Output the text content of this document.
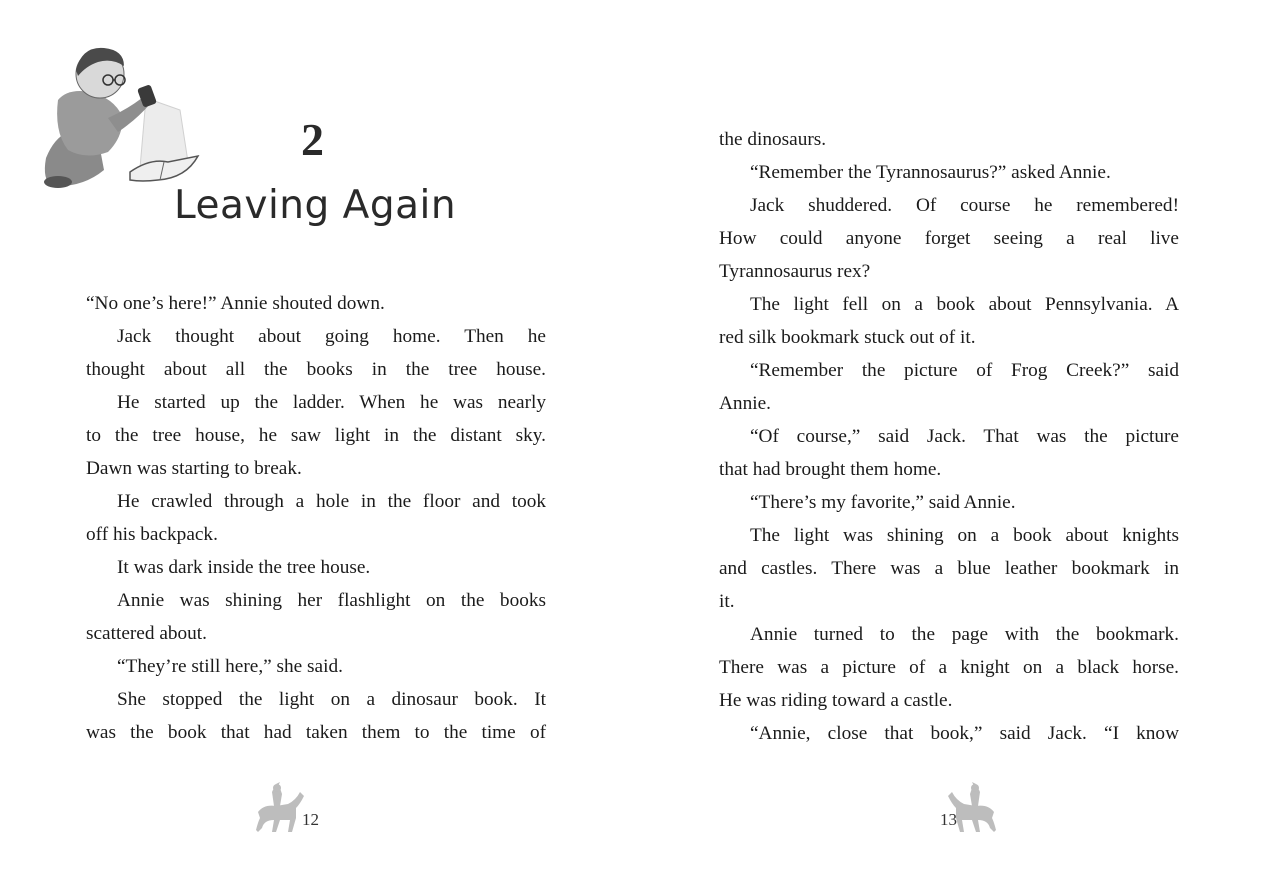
2
Leaving Again
“No one’s here!” Annie shouted down.
Jack thought about going home. Then he
thought about all the books in the tree house.
He started up the ladder. When he was nearly
to the tree house, he saw light in the distant sky.
Dawn was starting to break.
He crawled through a hole in the floor and took
off his backpack.
It was dark inside the tree house.
Annie was shining her flashlight on the books
scattered about.
“They’re still here,” she said.
She stopped the light on a dinosaur book. It
was the book that had taken them to the time of
12
the dinosaurs.
“Remember the Tyrannosaurus?” asked Annie.
Jack shuddered. Of course he remembered!
How could anyone forget seeing a real live
Tyrannosaurus rex?
The light fell on a book about Pennsylvania. A
red silk bookmark stuck out of it.
“Remember the picture of Frog Creek?” said
Annie.
“Of course,” said Jack. That was the picture
that had brought them home.
“There’s my favorite,” said Annie.
The light was shining on a book about knights
and castles. There was a blue leather bookmark in
it.
Annie turned to the page with the bookmark.
There was a picture of a knight on a black horse.
He was riding toward a castle.
“Annie, close that book,” said Jack. “I know
13
